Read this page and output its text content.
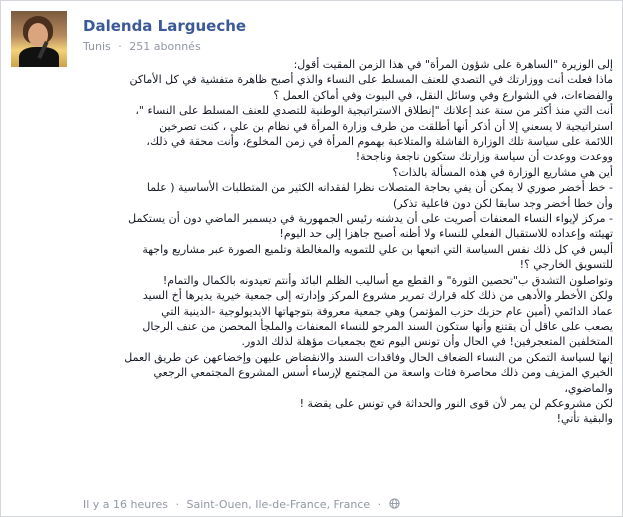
Dalenda Largueche
Tunis · 251 abonnés

إلى الوزيرة "الساهرة على شؤون المرأة" في هذا الزمن المقيت أقول:

ماذا فعلت أنت ووزارتك في التصدي للعنف المسلط على النساء والذي أصبح ظاهرة متفشية في كل الأماكن

والفضاءات، في الشوارع وفي وسائل النقل، في البيوت وفي أماكن العمل ؟

أنت التي منذ أكثر من سنة عند إعلانك "إنطلاق الاستراتيجية الوطنية للتصدي للعنف المسلط على النساء "،

استراتيجية لا يسعني إلا أن أذكر أنها أطلقت من طرف وزارة المرأة في نظام بن علي ، كنت تصرخين

اللائمة على سياسة تلك الوزارة الفاشلة والمتلاعبة بهموم المرأة في زمن المخلوع، وأنت محقة في ذلك،

ووعدت ووعدت أن سياسة وزارتك ستكون ناجعة وناجحة!

أين هي مشاريع الوزارة في هذه المسألة بالذات؟

- خط أخضر صوري لا يمكن أن يفي بحاجة المتصلات نظرا لفقدانه الكثير من المتطلبات الأساسية ( علما

وأن خطا أخضر وجد سابقا لكن دون فاعلية تذكر)

- مركز لإيواء النساء المعنفات أصريت على أن يدشنه رئيس الجمهورية في ديسمبر الماضي دون أن يستكمل

تهيئته وإعداده للاستقبال الفعلي للنساء ولا أظنه أصبح جاهزا إلى حد اليوم!

أليس في كل ذلك نفس السياسة التي اتبعها بن علي للتمويه والمغالطة وتلميع الصورة عبر مشاريع واجهة

للتسويق الخارجي ؟!

وتواصلون التشدق ب"تحصين الثورة" و القطع مع أساليب الظلم البائد وأنتم تعيدونه بالكمال والتمام!

ولكن الأخطر والأدهى من ذلك كله قرارك تمرير مشروع المركز وإدارته إلى جمعية خيرية يديرها أخ السيد

عماد الدائمي (أمين عام حزبك حزب المؤتمر) وهي جمعية معروفة بتوجهاتها الايديولوجية -الدينية التي

يصعب على عاقل أن يقتنع وأنها ستكون السند المرجو للنساء المعنفات والملجأ المحصن من عنف الرجال

المتخلفين المتعجرفين! في الحال وأن تونس اليوم تعج بجمعيات مؤهلة لذلك الدور.

إنها لسياسة التمكن من النساء الضعاف الحال وفاقدات السند والانقضاض عليهن وإخضاعهن عن طريق العمل

الخيري المزيف ومن ذلك محاصرة فئات واسعة من المجتمع لإرساء أسس المشروع المجتمعي الرجعي

والماضوي،

لكن مشروعكم لن يمر لأن قوى النور والحداثة في تونس على يقضة !

والبقية تأتي!

Il y a 16 heures · Saint-Ouen, Ile-de-France, France ·
